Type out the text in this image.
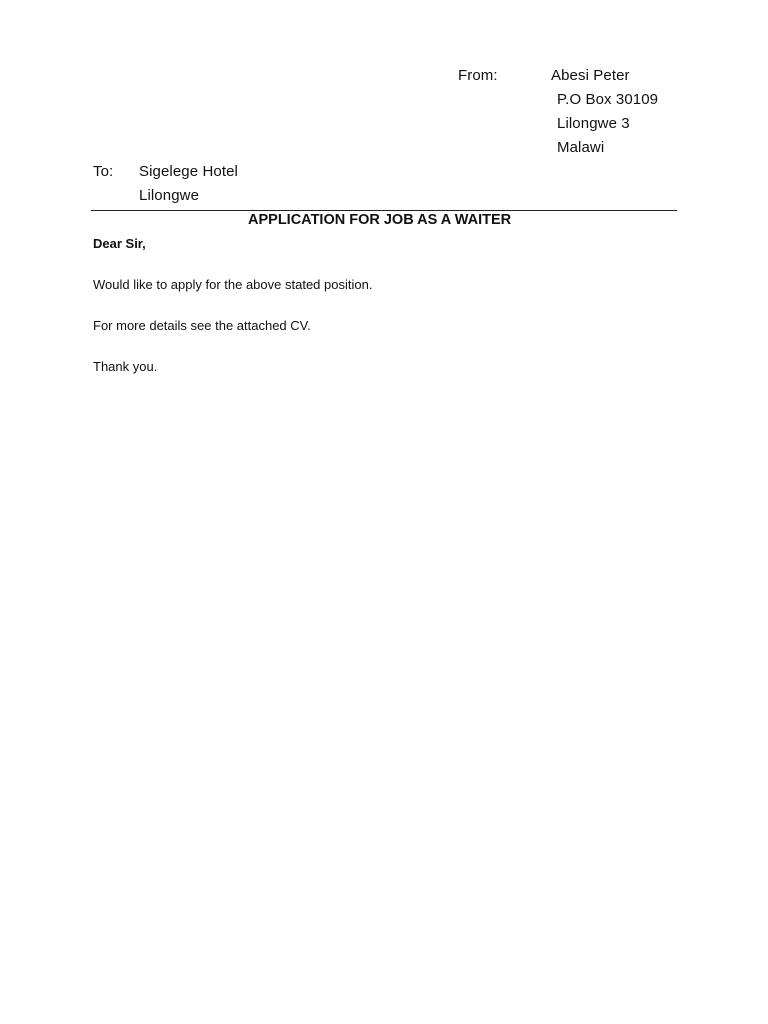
From:	Abesi Peter
P.O Box 30109
Lilongwe 3
Malawi
To: Sigelege Hotel
Lilongwe
APPLICATION FOR JOB AS A WAITER
Dear Sir,
Would like to apply for the above stated position.
For more details see the attached CV.
Thank you.
